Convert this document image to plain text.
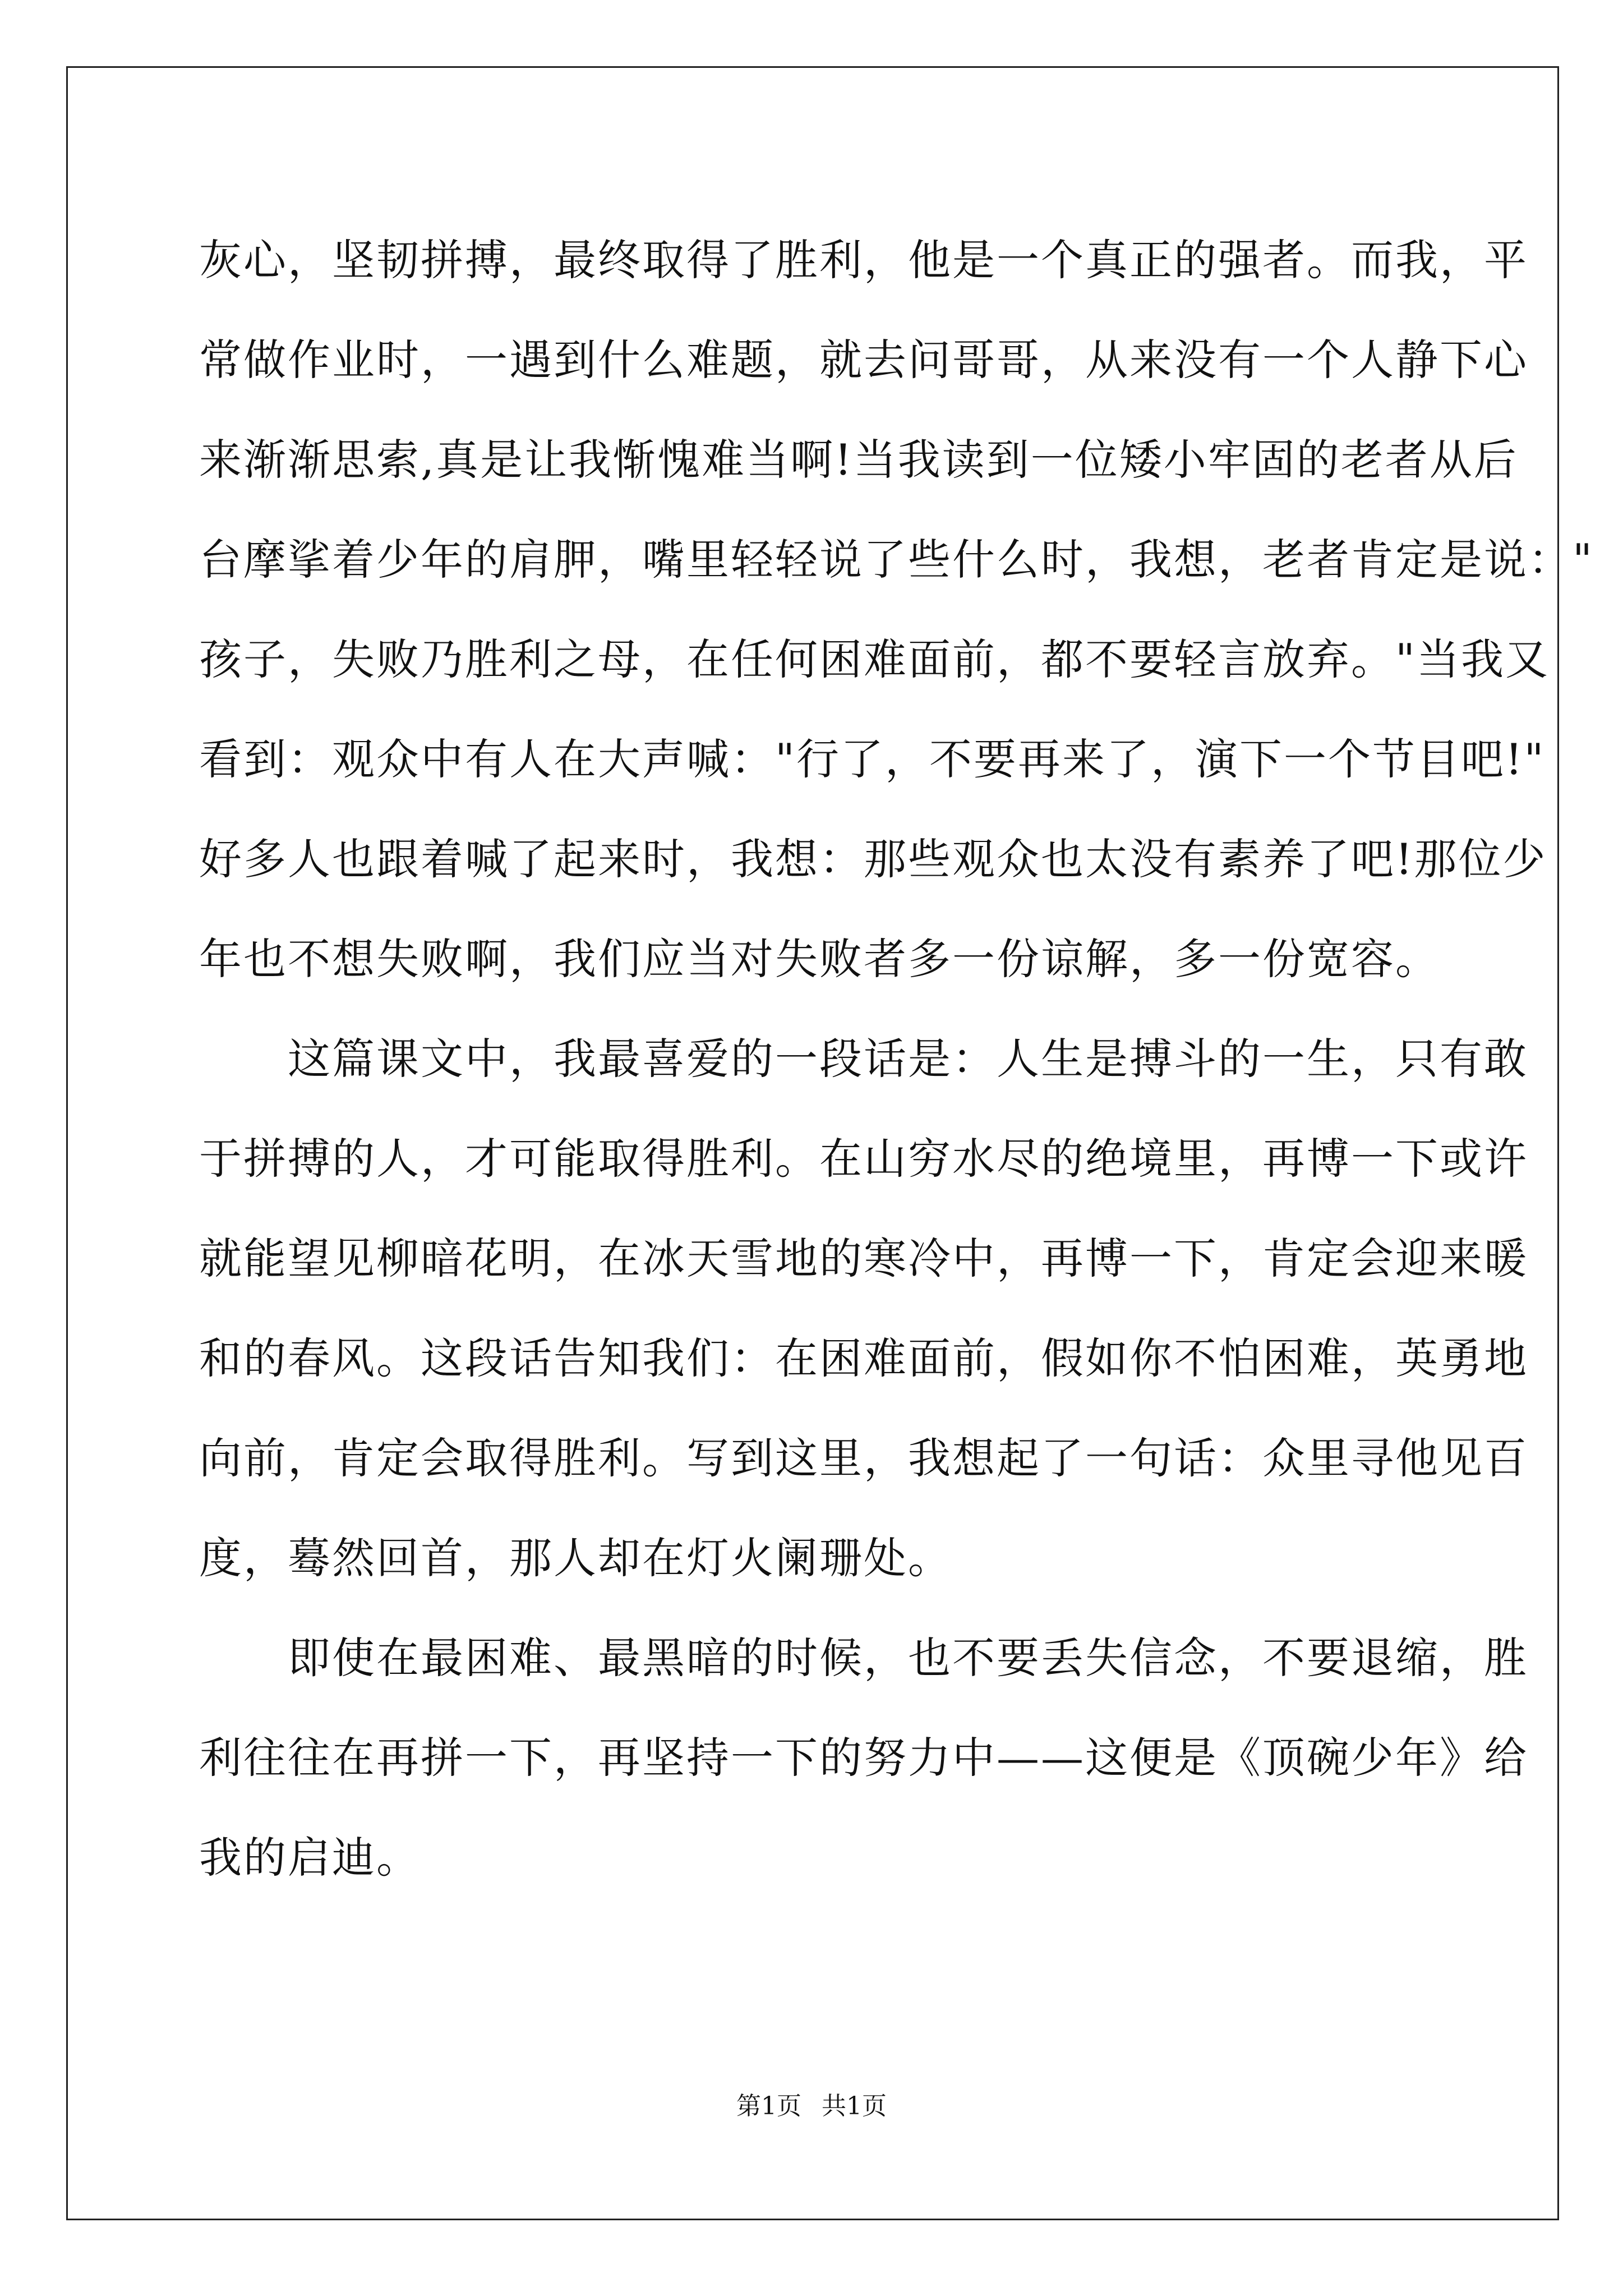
灰心，坚韧拼搏，最终取得了胜利，他是一个真正的强者。而我，平
常做作业时，一遇到什么难题，就去问哥哥，从来没有一个人静下心
来渐渐思索,真是让我惭愧难当啊!当我读到一位矮小牢固的老者从后
台摩挲着少年的肩胛，嘴里轻轻说了些什么时，我想，老者肯定是说："
孩子，失败乃胜利之母，在任何困难面前，都不要轻言放弃。"当我又
看到：观众中有人在大声喊："行了，不要再来了，演下一个节目吧!"
好多人也跟着喊了起来时，我想：那些观众也太没有素养了吧!那位少
年也不想失败啊，我们应当对失败者多一份谅解，多一份宽容。
这篇课文中，我最喜爱的一段话是：人生是搏斗的一生，只有敢
于拼搏的人，才可能取得胜利。在山穷水尽的绝境里，再博一下或许
就能望见柳暗花明，在冰天雪地的寒冷中，再博一下，肯定会迎来暖
和的春风。这段话告知我们：在困难面前，假如你不怕困难，英勇地
向前，肯定会取得胜利。写到这里，我想起了一句话：众里寻他见百
度，蓦然回首，那人却在灯火阑珊处。
即使在最困难、最黑暗的时候，也不要丢失信念，不要退缩，胜
利往往在再拼一下，再坚持一下的努力中——这便是《顶碗少年》给
我的启迪。
第1页 共1页
